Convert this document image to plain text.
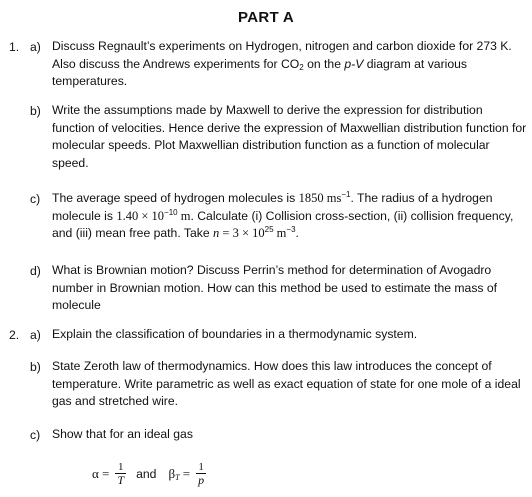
PART A
1. a) Discuss Regnault’s experiments on Hydrogen, nitrogen and carbon dioxide for 273 K. Also discuss the Andrews experiments for $CO_2$ on the p-V diagram at various temperatures.
b) Write the assumptions made by Maxwell to derive the expression for distribution function of velocities. Hence derive the expression of Maxwellian distribution function for molecular speeds. Plot Maxwellian distribution function as a function of molecular speed.
c) The average speed of hydrogen molecules is 1850 $ms^{-1}$. The radius of a hydrogen molecule is $1.40 \times 10^{-10}$ m. Calculate (i) Collision cross-section, (ii) collision frequency, and (iii) mean free path. Take $n = 3 \times 10^{25}$ $m^{-3}$.
d) What is Brownian motion? Discuss Perrin’s method for determination of Avogadro number in Brownian motion. How can this method be used to estimate the mass of molecule
2. a) Explain the classification of boundaries in a thermodynamic system.
b) State Zeroth law of thermodynamics. How does this law introduces the concept of temperature. Write parametric as well as exact equation of state for one mole of a ideal gas and stretched wire.
c) Show that for an ideal gas
$\alpha = \frac{1}{T}$ and $\beta_T = \frac{1}{p}$
